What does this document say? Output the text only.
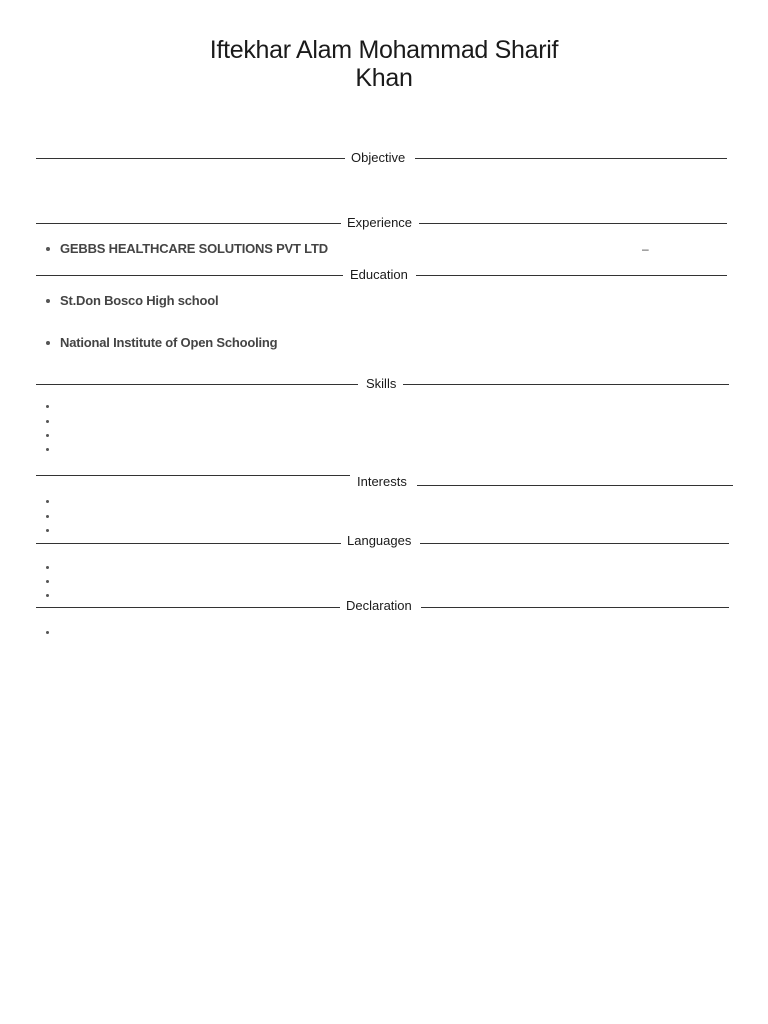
Iftekhar Alam Mohammad Sharif
Khan
Objective
Experience
GEBBS HEALTHCARE SOLUTIONS PVT LTD	–
Education
St.Don Bosco High school
National Institute of Open Schooling
Skills
Interests
Languages
Declaration
